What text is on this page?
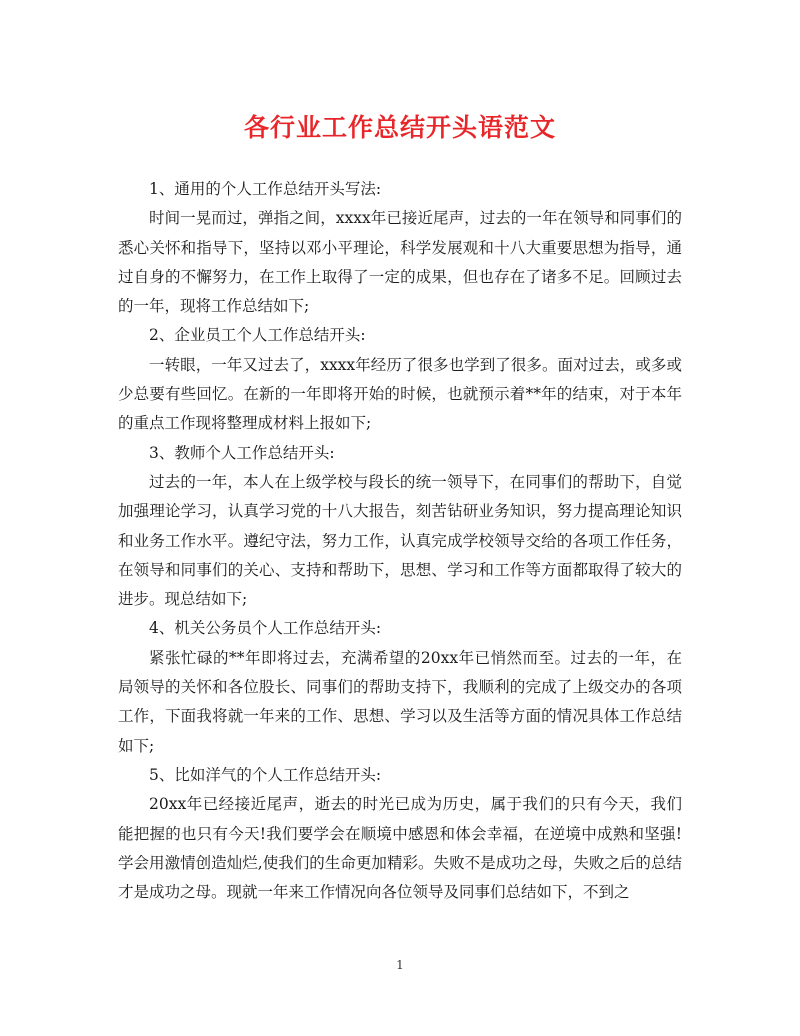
各行业工作总结开头语范文

1、通用的个人工作总结开头写法:

时间一晃而过，弹指之间，xxxx年已接近尾声，过去的一年在领导和同事们的悉心关怀和指导下，坚持以邓小平理论，科学发展观和十八大重要思想为指导，通过自身的不懈努力，在工作上取得了一定的成果，但也存在了诸多不足。回顾过去的一年，现将工作总结如下;

2、企业员工个人工作总结开头:

一转眼，一年又过去了，xxxx年经历了很多也学到了很多。面对过去，或多或少总要有些回忆。在新的一年即将开始的时候，也就预示着**年的结束，对于本年的重点工作现将整理成材料上报如下;

3、教师个人工作总结开头:

过去的一年，本人在上级学校与段长的统一领导下，在同事们的帮助下，自觉加强理论学习，认真学习党的十八大报告，刻苦钻研业务知识，努力提高理论知识和业务工作水平。遵纪守法，努力工作，认真完成学校领导交给的各项工作任务，在领导和同事们的关心、支持和帮助下，思想、学习和工作等方面都取得了较大的进步。现总结如下;

4、机关公务员个人工作总结开头:

紧张忙碌的**年即将过去，充满希望的20xx年已悄然而至。过去的一年，在局领导的关怀和各位股长、同事们的帮助支持下，我顺利的完成了上级交办的各项工作，下面我将就一年来的工作、思想、学习以及生活等方面的情况具体工作总结如下;

5、比如洋气的个人工作总结开头:

20xx年已经接近尾声，逝去的时光已成为历史，属于我们的只有今天，我们能把握的也只有今天!我们要学会在顺境中感恩和体会幸福，在逆境中成熟和坚强!学会用激情创造灿烂,使我们的生命更加精彩。失败不是成功之母，失败之后的总结才是成功之母。现就一年来工作情况向各位领导及同事们总结如下，不到之

1
